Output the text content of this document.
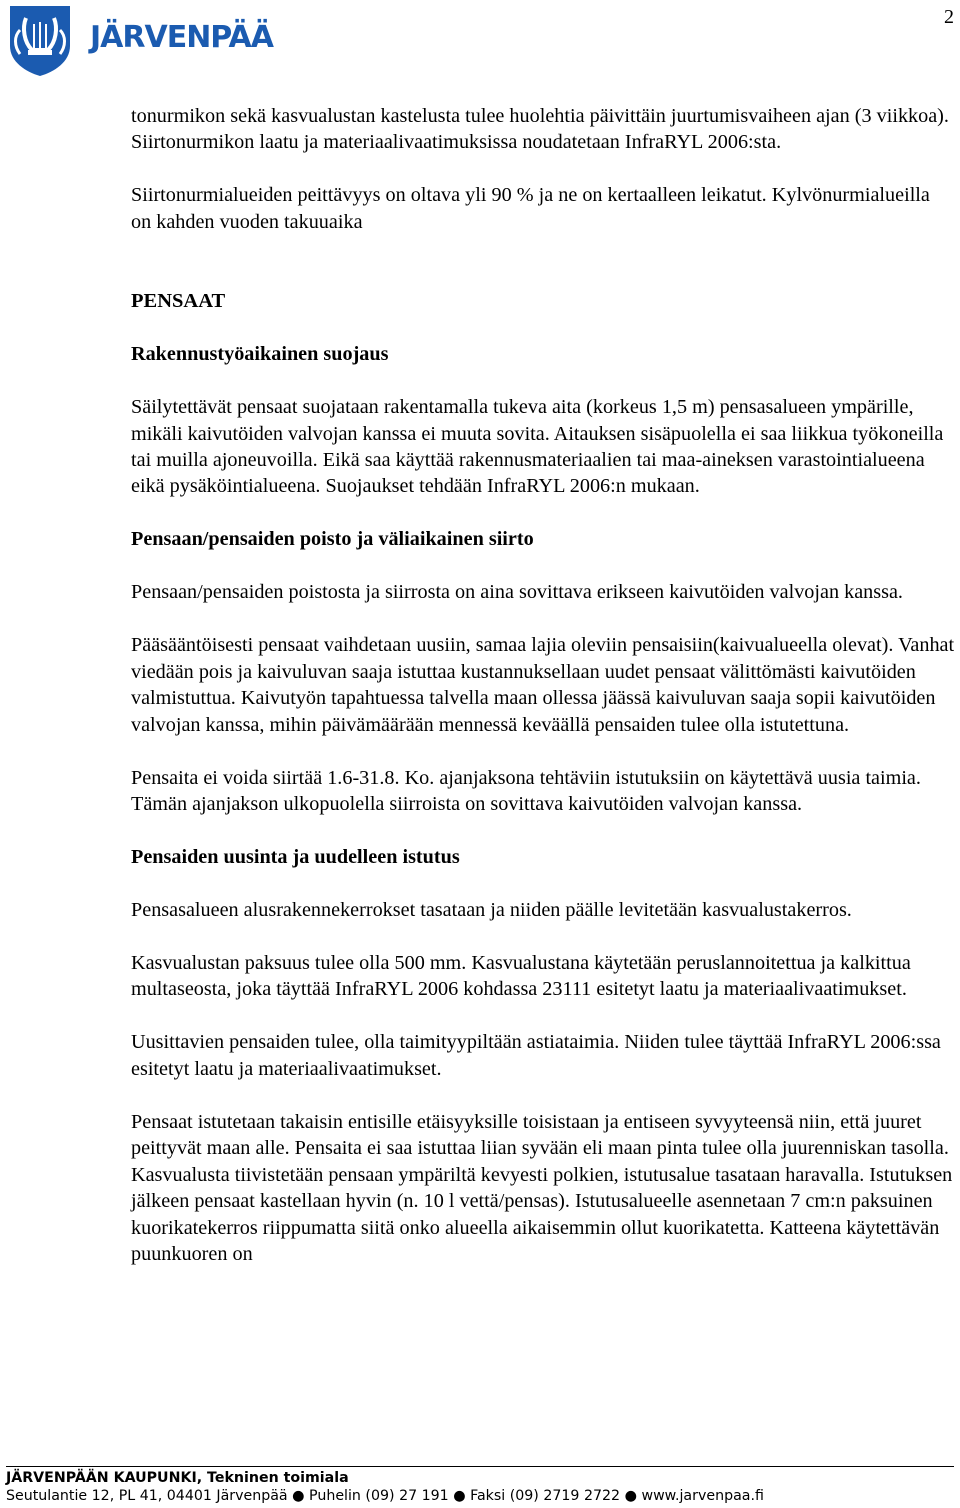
JÄRVENPÄÄ
2

tonurmikon sekä kasvualustan kastelusta tulee huolehtia päivittäin juurtumisvaiheen ajan (3 viikkoa). Siirtonurmikon laatu ja materiaalivaatimuksissa noudatetaan InfraRYL 2006:sta.

Siirtonurmialueiden peittävyys on oltava yli 90 % ja ne on kertaalleen leikatut. Kylvönurmialueilla on kahden vuoden takuuaika

PENSAAT
Rakennustyöaikainen suojaus

Säilytettävät pensaat suojataan rakentamalla tukeva aita (korkeus 1,5 m) pensasalueen ympärille, mikäli kaivutöiden valvojan kanssa ei muuta sovita. Aitauksen sisäpuolella ei saa liikkua työkoneilla tai muilla ajoneuvoilla. Eikä saa käyttää rakennusmateriaalien tai maa-aineksen varastointialueena eikä pysäköintialueena. Suojaukset tehdään InfraRYL 2006:n mukaan.

Pensaan/pensaiden poisto ja väliaikainen siirto

Pensaan/pensaiden poistosta ja siirrosta on aina sovittava erikseen kaivutöiden valvojan kanssa.

Pääsääntöisesti pensaat vaihdetaan uusiin, samaa lajia oleviin pensaisiin(kaivualueella olevat). Vanhat viedään pois ja kaivuluvan saaja istuttaa kustannuksellaan uudet pensaat välittömästi kaivutöiden valmistuttua. Kaivutyön tapahtuessa talvella maan ollessa jäässä kaivuluvan saaja sopii kaivutöiden valvojan kanssa, mihin päivämäärään mennessä keväällä pensaiden tulee olla istutettuna.

Pensaita ei voida siirtää 1.6-31.8. Ko. ajanjaksona tehtäviin istutuksiin on käytettävä uusia taimia. Tämän ajanjakson ulkopuolella siirroista on sovittava kaivutöiden valvojan kanssa.

Pensaiden uusinta ja uudelleen istutus

Pensasalueen alusrakennekerrokset tasataan ja niiden päälle levitetään kasvualustakerros.

Kasvualustan paksuus tulee olla 500 mm. Kasvualustana käytetään peruslannoitettua ja kalkittua multaseosta, joka täyttää InfraRYL 2006 kohdassa 23111 esitetyt laatu ja materiaalivaatimukset.

Uusittavien pensaiden tulee, olla taimityypiltään astiataimia. Niiden tulee täyttää InfraRYL 2006:ssa esitetyt laatu ja materiaalivaatimukset.

Pensaat istutetaan takaisin entisille etäisyyksille toisistaan ja entiseen syvyyteensä niin, että juuret peittyvät maan alle. Pensaita ei saa istuttaa liian syvään eli maan pinta tulee olla juurenniskan tasolla. Kasvualusta tiivistetään pensaan ympäriltä kevyesti polkien, istutusalue tasataan haravalla. Istutuksen jälkeen pensaat kastellaan hyvin (n. 10 l vettä/pensas). Istutusalueelle asennetaan 7 cm:n paksuinen kuorikatekerros riippumatta siitä onko alueella aikaisemmin ollut kuorikatetta. Katteena käytettävän puunkuoren on

JÄRVENPÄÄN KAUPUNKI, Tekninen toimiala
Seutulantie 12, PL 41, 04401 Järvenpää ● Puhelin (09) 27 191 ● Faksi (09) 2719 2722 ● www.jarvenpaa.fi
